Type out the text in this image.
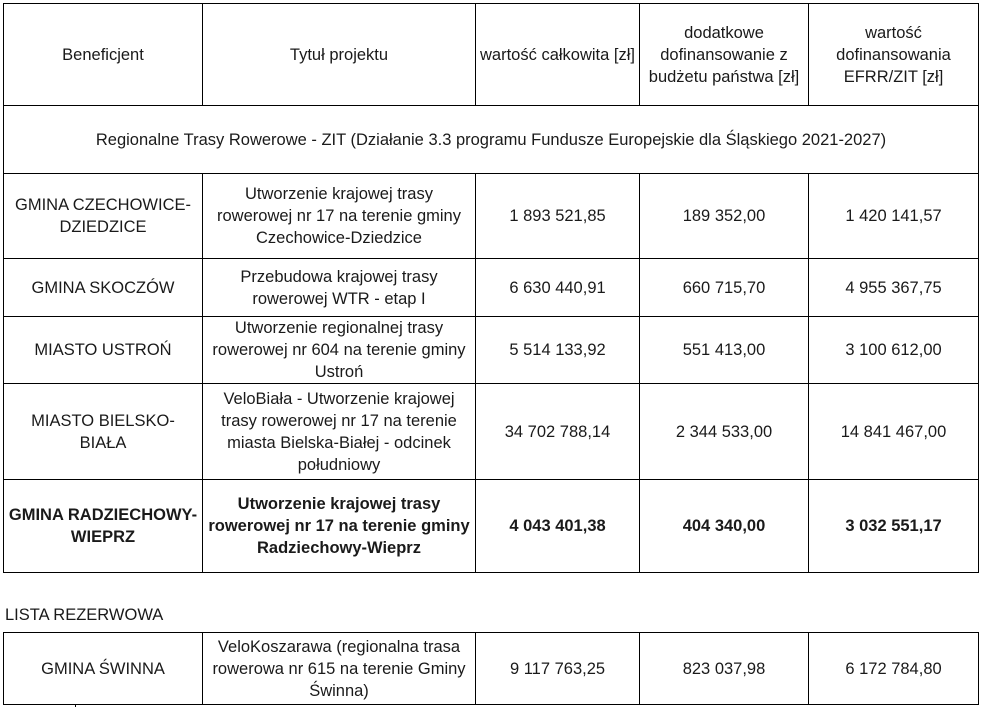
Beneficjent	Tytuł projektu	wartość całkowita [zł]	dodatkowe dofinansowanie z budżetu państwa [zł]	wartość dofinansowania EFRR/ZIT [zł]
Regionalne Trasy Rowerowe - ZIT (Działanie 3.3 programu Fundusze Europejskie dla Śląskiego 2021-2027)				
GMINA CZECHOWICE-DZIEDZICE	Utworzenie krajowej trasy rowerowej nr 17 na terenie gminy Czechowice-Dziedzice	1 893 521,85	189 352,00	1 420 141,57
GMINA SKOCZÓW	Przebudowa krajowej trasy rowerowej WTR - etap I	6 630 440,91	660 715,70	4 955 367,75
MIASTO USTROŃ	Utworzenie regionalnej trasy rowerowej nr 604 na terenie gminy Ustroń	5 514 133,92	551 413,00	3 100 612,00
MIASTO BIELSKO-BIAŁA	VeloBiała - Utworzenie krajowej trasy rowerowej nr 17 na terenie miasta Bielska-Białej - odcinek południowy	34 702 788,14	2 344 533,00	14 841 467,00
GMINA RADZIECHOWY-WIEPRZ	Utworzenie krajowej trasy rowerowej nr 17 na terenie gminy Radziechowy-Wieprz	4 043 401,38	404 340,00	3 032 551,17
LISTA REZERWOWA
GMINA ŚWINNA	VeloKoszarawa (regionalna trasa rowerowa nr 615 na terenie Gminy Świnna)	9 117 763,25	823 037,98	6 172 784,80
